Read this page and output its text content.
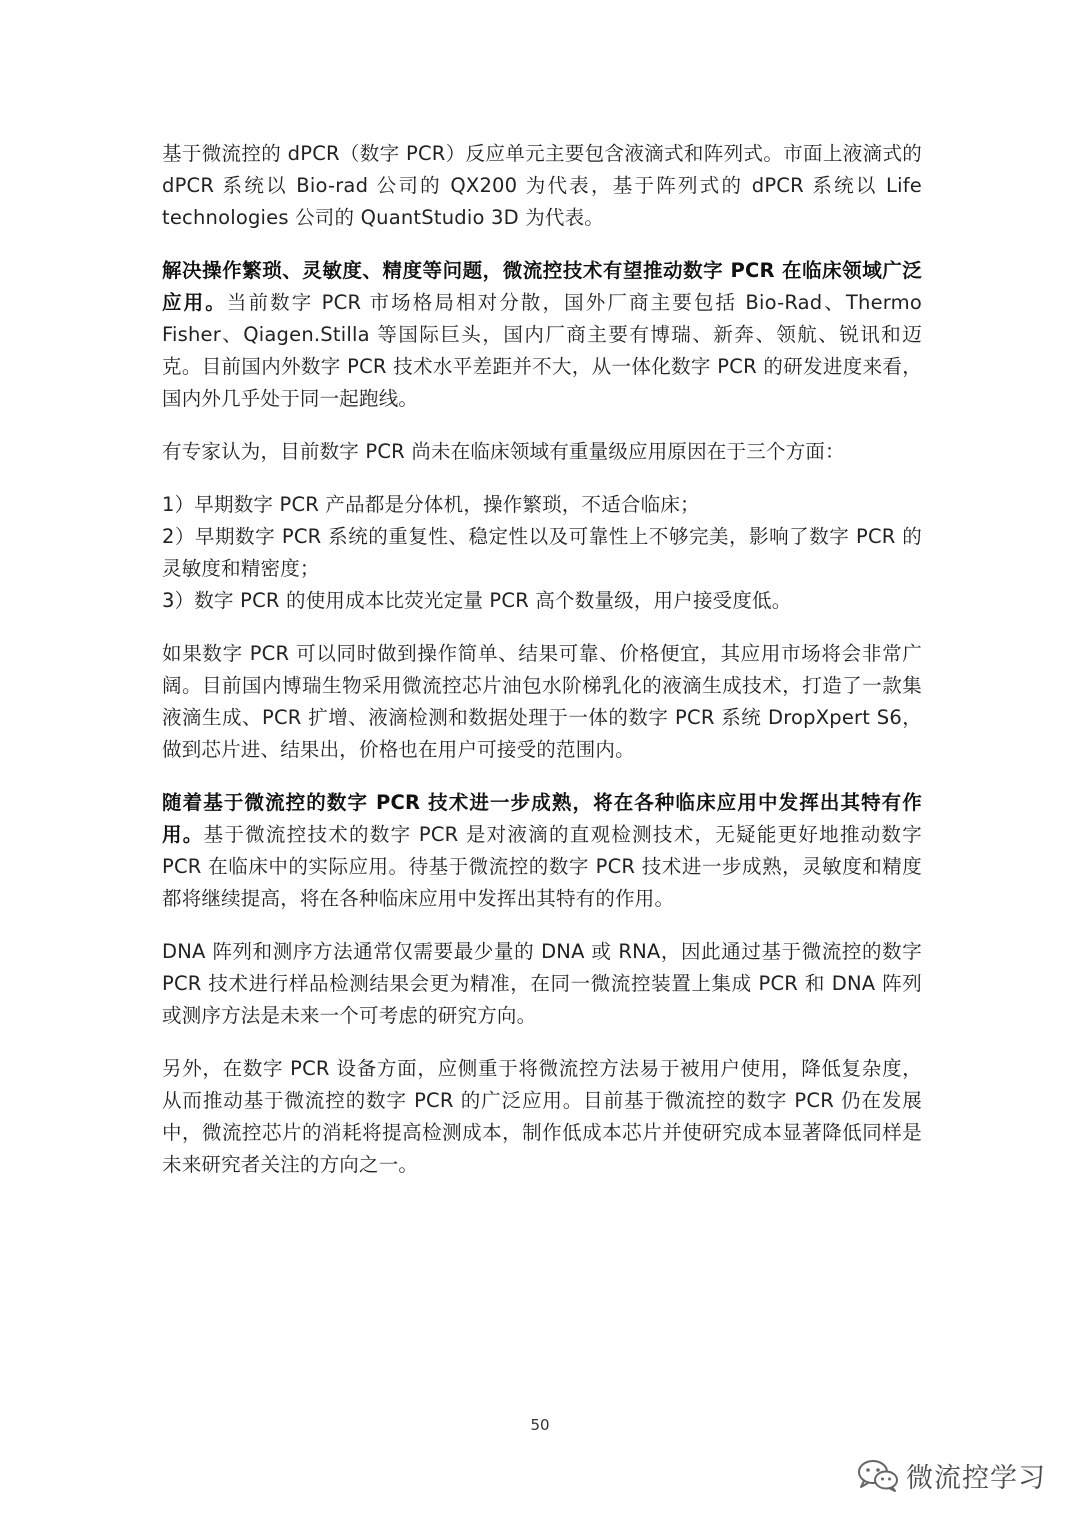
基于微流控的 dPCR（数字 PCR）反应单元主要包含液滴式和阵列式。市面上液滴式的 dPCR 系统以 Bio-rad 公司的 QX200 为代表，基于阵列式的 dPCR 系统以 Life technologies 公司的 QuantStudio 3D 为代表。

解决操作繁琐、灵敏度、精度等问题，微流控技术有望推动数字 PCR 在临床领域广泛应用。当前数字 PCR 市场格局相对分散，国外厂商主要包括 Bio-Rad、Thermo Fisher、Qiagen.Stilla 等国际巨头，国内厂商主要有博瑞、新奔、领航、锐讯和迈克。目前国内外数字 PCR 技术水平差距并不大，从一体化数字 PCR 的研发进度来看，国内外几乎处于同一起跑线。

有专家认为，目前数字 PCR 尚未在临床领域有重量级应用原因在于三个方面：

1）早期数字 PCR 产品都是分体机，操作繁琐，不适合临床；

2）早期数字 PCR 系统的重复性、稳定性以及可靠性上不够完美，影响了数字 PCR 的灵敏度和精密度；

3）数字 PCR 的使用成本比荧光定量 PCR 高个数量级，用户接受度低。

如果数字 PCR 可以同时做到操作简单、结果可靠、价格便宜，其应用市场将会非常广阔。目前国内博瑞生物采用微流控芯片油包水阶梯乳化的液滴生成技术，打造了一款集液滴生成、PCR 扩增、液滴检测和数据处理于一体的数字 PCR 系统 DropXpert S6，做到芯片进、结果出，价格也在用户可接受的范围内。

随着基于微流控的数字 PCR 技术进一步成熟，将在各种临床应用中发挥出其特有作用。基于微流控技术的数字 PCR 是对液滴的直观检测技术，无疑能更好地推动数字 PCR 在临床中的实际应用。待基于微流控的数字 PCR 技术进一步成熟，灵敏度和精度都将继续提高，将在各种临床应用中发挥出其特有的作用。

DNA 阵列和测序方法通常仅需要最少量的 DNA 或 RNA，因此通过基于微流控的数字 PCR 技术进行样品检测结果会更为精准，在同一微流控装置上集成 PCR 和 DNA 阵列或测序方法是未来一个可考虑的研究方向。

另外，在数字 PCR 设备方面，应侧重于将微流控方法易于被用户使用，降低复杂度，从而推动基于微流控的数字 PCR 的广泛应用。目前基于微流控的数字 PCR 仍在发展中，微流控芯片的消耗将提高检测成本，制作低成本芯片并使研究成本显著降低同样是未来研究者关注的方向之一。

50
微流控学习
